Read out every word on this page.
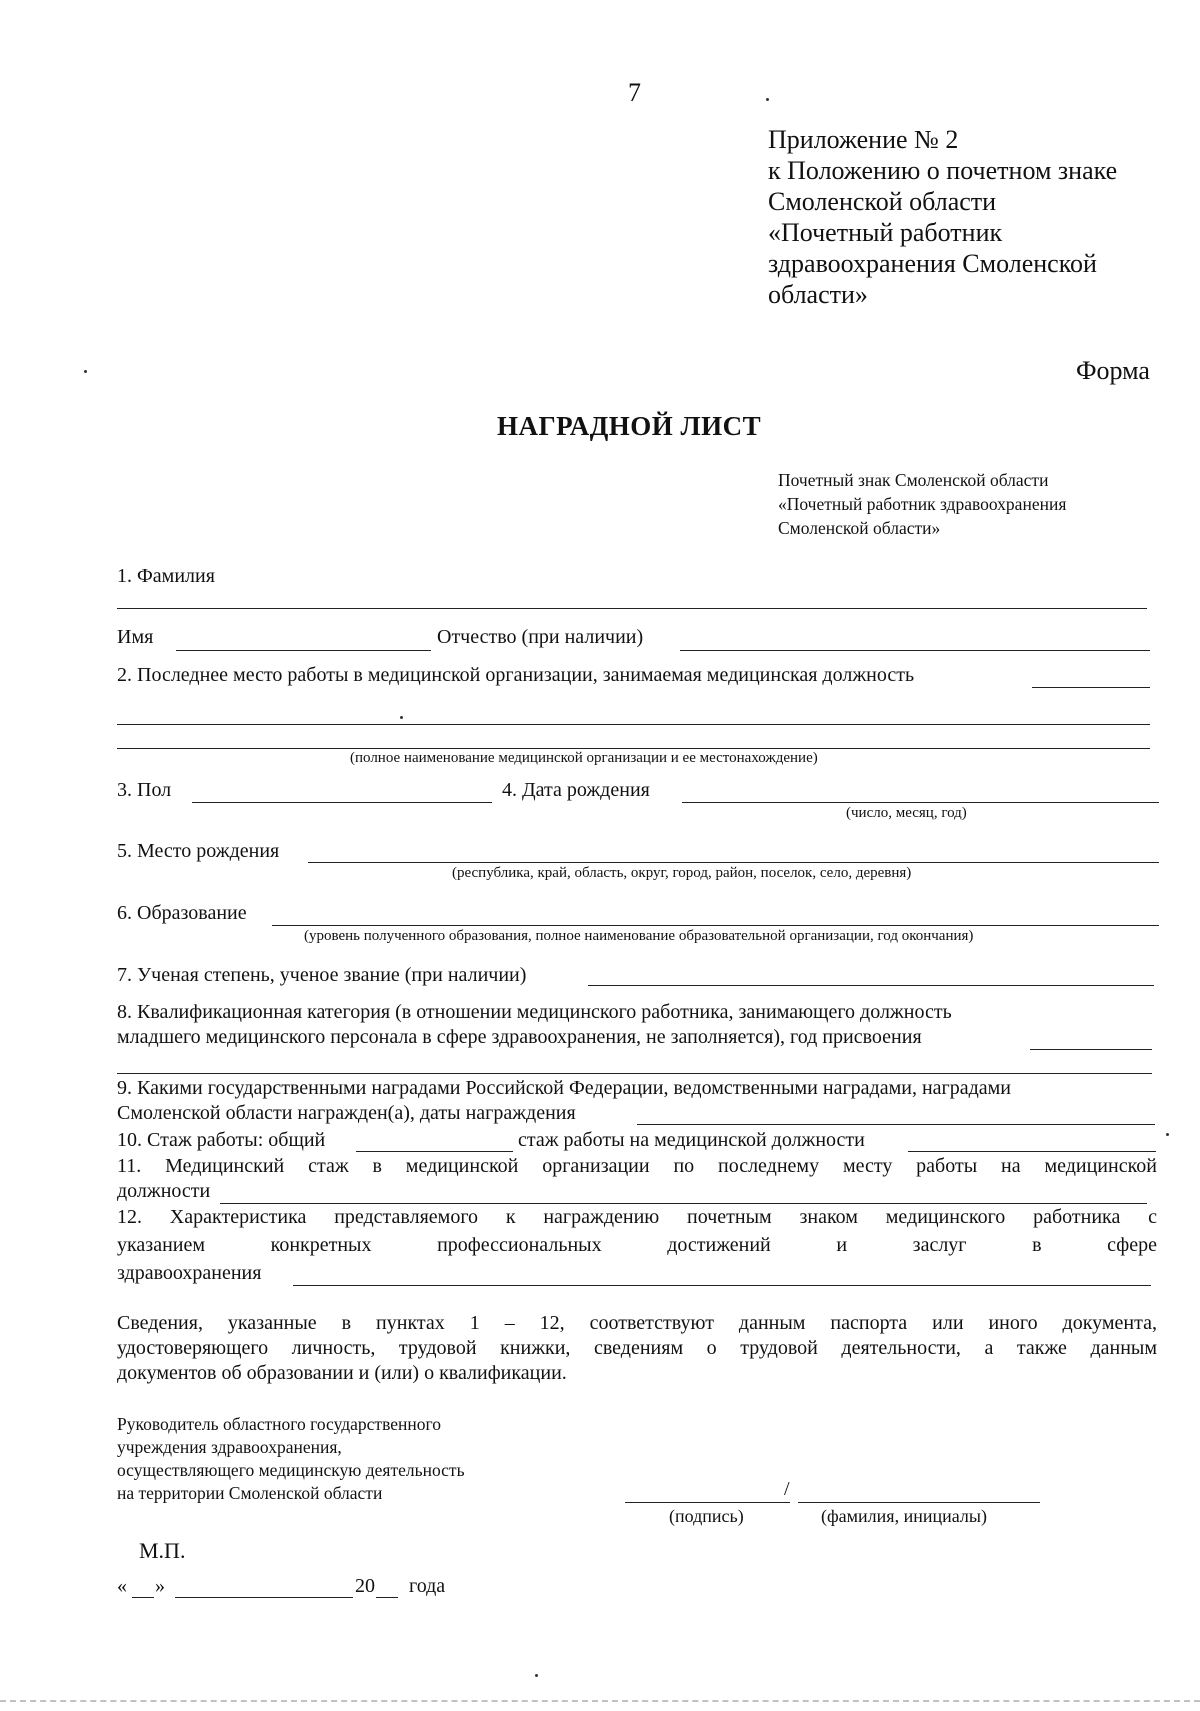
7
Приложение № 2
к Положению о почетном знаке
Смоленской области
«Почетный работник
здравоохранения Смоленской
области»
Форма
НАГРАДНОЙ ЛИСТ
Почетный знак Смоленской области
«Почетный работник здравоохранения
Смоленской области»
1. Фамилия
Имя	Отчество (при наличии)
2. Последнее место работы в медицинской организации, занимаемая медицинская должность
(полное наименование медицинской организации и ее местонахождение)
3. Пол	4. Дата рождения
(число, месяц, год)
5. Место рождения
(республика, край, область, округ, город, район, поселок, село, деревня)
6. Образование
(уровень полученного образования, полное наименование образовательной организации, год окончания)
7. Ученая степень, ученое звание (при наличии)
8. Квалификационная категория (в отношении медицинского работника, занимающего должность
младшего медицинского персонала в сфере здравоохранения, не заполняется), год присвоения
9. Какими государственными наградами Российской Федерации, ведомственными наградами, наградами
Смоленской области награжден(а), даты награждения
10. Стаж работы: общий	стаж работы на медицинской должности
11. Медицинский стаж в медицинской организации по последнему месту работы на медицинской
должности
12. Характеристика представляемого к награждению почетным знаком медицинского работника с
указанием конкретных профессиональных достижений и заслуг в сфере
здравоохранения
Сведения, указанные в пунктах 1 – 12, соответствуют данным паспорта или иного документа,
удостоверяющего личность, трудовой книжки, сведениям о трудовой деятельности, а также данным
документов об образовании и (или) о квалификации.
Руководитель областного государственного
учреждения здравоохранения,
осуществляющего медицинскую деятельность
на территории Смоленской области	/
(подпись)	(фамилия, инициалы)
М.П.
« »	20 года
